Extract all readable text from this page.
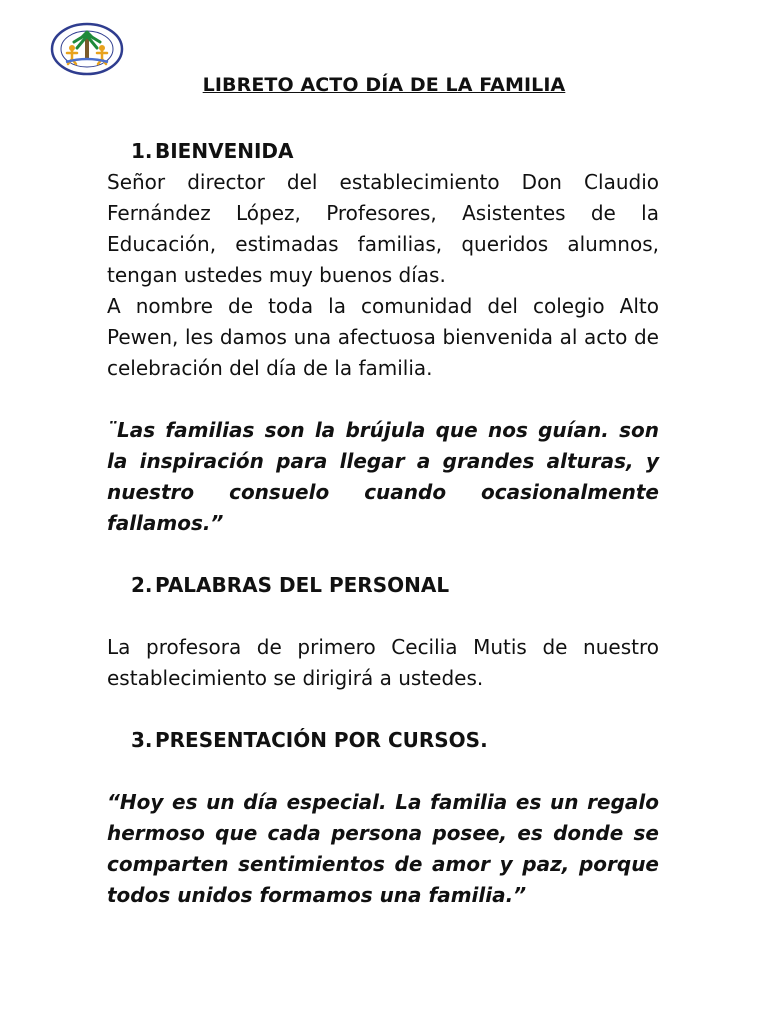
LIBRETO ACTO DÍA DE LA FAMILIA
1. BIENVENIDA

Señor director del establecimiento Don Claudio Fernández López, Profesores, Asistentes de la Educación, estimadas familias, queridos alumnos, tengan ustedes muy buenos días.

A nombre de toda la comunidad del colegio Alto Pewen, les damos una afectuosa bienvenida al acto de celebración del día de la familia.

¨Las familias son la brújula que nos guían. son la inspiración para llegar a grandes alturas, y nuestro consuelo cuando ocasionalmente fallamos.”

2. PALABRAS DEL PERSONAL

La profesora de primero Cecilia Mutis de nuestro establecimiento se dirigirá a ustedes.

3. PRESENTACIÓN POR CURSOS.

“Hoy es un día especial. La familia es un regalo hermoso que cada persona posee, es donde se comparten sentimientos de amor y paz, porque todos unidos formamos una familia.”
